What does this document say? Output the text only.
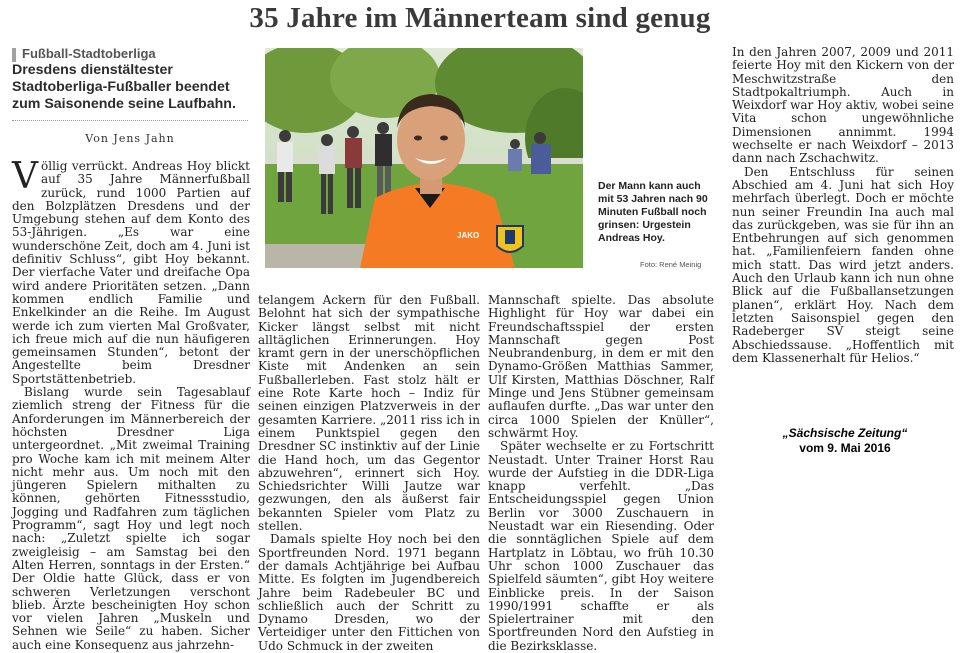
35 Jahre im Männerteam sind genug
Fußball-Stadtoberliga
Dresdens dienstältester Stadtoberliga-Fußballer beendet zum Saisonende seine Laufbahn.
Von Jens Jahn
JAKO
Der Mann kann auch mit 53 Jahren nach 90 Minuten Fußball noch grinsen: Urgestein Andreas Hoy.
Foto: René Meinig

Völlig verrückt. Andreas Hoy blickt auf 35 Jahre Männerfußball zurück, rund 1000 Partien auf den Bolzplätzen Dresdens und der Umgebung stehen auf dem Konto des 53-Jährigen. „Es war eine wunderschöne Zeit, doch am 4. Juni ist definitiv Schluss“, gibt Hoy bekannt. Der vierfache Vater und dreifache Opa wird andere Prioritäten setzen. „Dann kommen endlich Familie und Enkelkinder an die Reihe. Im August werde ich zum vierten Mal Großvater, ich freue mich auf die nun häufigeren gemeinsamen Stunden“, betont der Angestellte beim Dresdner Sportstättenbetrieb.

Bislang wurde sein Tagesablauf ziemlich streng der Fitness für die Anforderungen im Männerbereich der höchsten Dresdner Liga untergeordnet. „Mit zweimal Training pro Woche kam ich mit meinem Alter nicht mehr aus. Um noch mit den jüngeren Spielern mithalten zu können, gehörten Fitnessstudio, Jogging und Radfahren zum täglichen Programm“, sagt Hoy und legt noch nach: „Zuletzt spielte ich sogar zweigleisig – am Samstag bei den Alten Herren, sonntags in der Ersten.“ Der Oldie hatte Glück, dass er von schweren Verletzungen verschont blieb. Ärzte bescheinigten Hoy schon vor vielen Jahren „Muskeln und Sehnen wie Seile“ zu haben. Sicher auch eine Konsequenz aus jahrzehn-

telangem Ackern für den Fußball. Belohnt hat sich der sympathische Kicker längst selbst mit nicht alltäglichen Erinnerungen. Hoy kramt gern in der unerschöpflichen Kiste mit Andenken an sein Fußballerleben. Fast stolz hält er eine Rote Karte hoch – Indiz für seinen einzigen Platzverweis in der gesamten Karriere. „2011 riss ich in einem Punktspiel gegen den Dresdner SC instinktiv auf der Linie die Hand hoch, um das Gegentor abzuwehren“, erinnert sich Hoy. Schiedsrichter Willi Jautze war gezwungen, den als äußerst fair bekannten Spieler vom Platz zu stellen.

Damals spielte Hoy noch bei den Sportfreunden Nord. 1971 begann der damals Achtjährige bei Aufbau Mitte. Es folgten im Jugendbereich Jahre beim Radebeuler BC und schließlich auch der Schritt zu Dynamo Dresden, wo der Verteidiger unter den Fittichen von Udo Schmuck in der zweiten

Mannschaft spielte. Das absolute Highlight für Hoy war dabei ein Freundschaftsspiel der ersten Mannschaft gegen Post Neubrandenburg, in dem er mit den Dynamo-Größen Matthias Sammer, Ulf Kirsten, Matthias Döschner, Ralf Minge und Jens Stübner gemeinsam auflaufen durfte. „Das war unter den circa 1000 Spielen der Knüller“, schwärmt Hoy.

Später wechselte er zu Fortschritt Neustadt. Unter Trainer Horst Rau wurde der Aufstieg in die DDR-Liga knapp verfehlt. „Das Entscheidungsspiel gegen Union Berlin vor 3000 Zuschauern in Neustadt war ein Riesending. Oder die sonntäglichen Spiele auf dem Hartplatz in Löbtau, wo früh 10.30 Uhr schon 1000 Zuschauer das Spielfeld säumten“, gibt Hoy weitere Einblicke preis. In der Saison 1990/1991 schaffte er als Spielertrainer mit den Sportfreunden Nord den Aufstieg in die Bezirksklasse.

In den Jahren 2007, 2009 und 2011 feierte Hoy mit den Kickern von der Meschwitzstraße den Stadtpokaltriumph. Auch in Weixdorf war Hoy aktiv, wobei seine Vita schon ungewöhnliche Dimensionen annimmt. 1994 wechselte er nach Weixdorf – 2013 dann nach Zschachwitz.

Den Entschluss für seinen Abschied am 4. Juni hat sich Hoy mehrfach überlegt. Doch er möchte nun seiner Freundin Ina auch mal das zurückgeben, was sie für ihn an Entbehrungen auf sich genommen hat. „Familienfeiern fanden ohne mich statt. Das wird jetzt anders. Auch den Urlaub kann ich nun ohne Blick auf die Fußballansetzungen planen“, erklärt Hoy. Nach dem letzten Saisonspiel gegen den Radeberger SV steigt seine Abschiedssause. „Hoffentlich mit dem Klassenerhalt für Helios.“

„Sächsische Zeitung“
vom 9. Mai 2016
